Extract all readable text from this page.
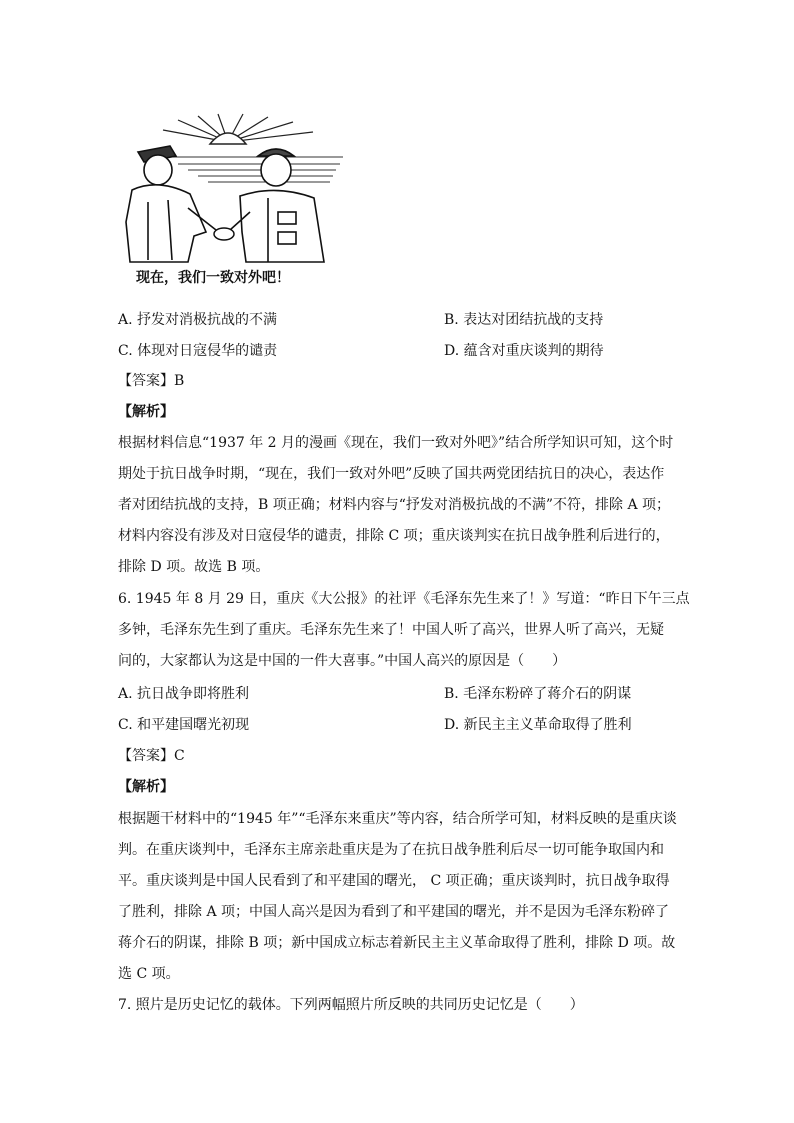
现在，我们一致对外吧！
A. 抒发对消极抗战的不满	B. 表达对团结抗战的支持
C. 体现对日寇侵华的谴责	D. 蕴含对重庆谈判的期待
【答案】B
【解析】
根据材料信息“1937 年 2 月的漫画《现在，我们一致对外吧》”结合所学知识可知，这个时
期处于抗日战争时期，“现在，我们一致对外吧”反映了国共两党团结抗日的决心，表达作
者对团结抗战的支持，B 项正确；材料内容与“抒发对消极抗战的不满”不符，排除 A 项；
材料内容没有涉及对日寇侵华的谴责，排除 C 项；重庆谈判实在抗日战争胜利后进行的，
排除 D 项。故选 B 项。
6. 1945 年 8 月 29 日，重庆《大公报》的社评《毛泽东先生来了！》写道：“昨日下午三点
多钟，毛泽东先生到了重庆。毛泽东先生来了！中国人听了高兴，世界人听了高兴，无疑
问的，大家都认为这是中国的一件大喜事。”中国人高兴的原因是（　　）
A. 抗日战争即将胜利	B. 毛泽东粉碎了蒋介石的阴谋
C. 和平建国曙光初现	D. 新民主主义革命取得了胜利
【答案】C
【解析】
根据题干材料中的“1945 年”“毛泽东来重庆”等内容，结合所学可知，材料反映的是重庆谈
判。在重庆谈判中，毛泽东主席亲赴重庆是为了在抗日战争胜利后尽一切可能争取国内和
平。重庆谈判是中国人民看到了和平建国的曙光， C 项正确；重庆谈判时，抗日战争取得
了胜利，排除 A 项；中国人高兴是因为看到了和平建国的曙光，并不是因为毛泽东粉碎了
蒋介石的阴谋，排除 B 项；新中国成立标志着新民主主义革命取得了胜利，排除 D 项。故
选 C 项。
7. 照片是历史记忆的载体。下列两幅照片所反映的共同历史记忆是（　　）
